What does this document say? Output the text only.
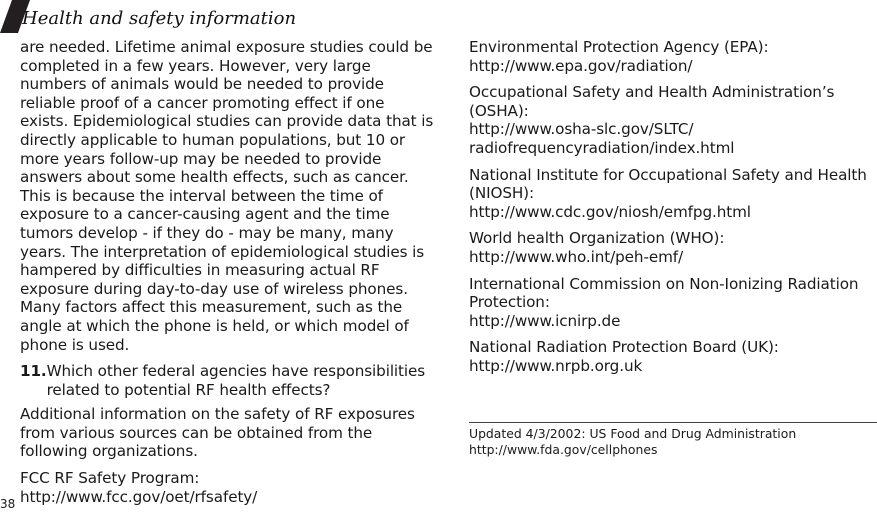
Health and safety information

are needed. Lifetime animal exposure studies could be
completed in a few years. However, very large
numbers of animals would be needed to provide
reliable proof of a cancer promoting effect if one
exists. Epidemiological studies can provide data that is
directly applicable to human populations, but 10 or
more years follow-up may be needed to provide
answers about some health effects, such as cancer.
This is because the interval between the time of
exposure to a cancer-causing agent and the time
tumors develop - if they do - may be many, many
years. The interpretation of epidemiological studies is
hampered by difficulties in measuring actual RF
exposure during day-to-day use of wireless phones.
Many factors affect this measurement, such as the
angle at which the phone is held, or which model of
phone is used.

11. Which other federal agencies have responsibilities
related to potential RF health effects?

Additional information on the safety of RF exposures
from various sources can be obtained from the
following organizations.

FCC RF Safety Program:
http://www.fcc.gov/oet/rfsafety/

Environmental Protection Agency (EPA):
http://www.epa.gov/radiation/

Occupational Safety and Health Administration’s
(OSHA):
http://www.osha-slc.gov/SLTC/
radiofrequencyradiation/index.html

National Institute for Occupational Safety and Health
(NIOSH):
http://www.cdc.gov/niosh/emfpg.html

World health Organization (WHO):
http://www.who.int/peh-emf/

International Commission on Non-Ionizing Radiation
Protection:
http://www.icnirp.de

National Radiation Protection Board (UK):
http://www.nrpb.org.uk

Updated 4/3/2002: US Food and Drug Administration
http://www.fda.gov/cellphones
38
